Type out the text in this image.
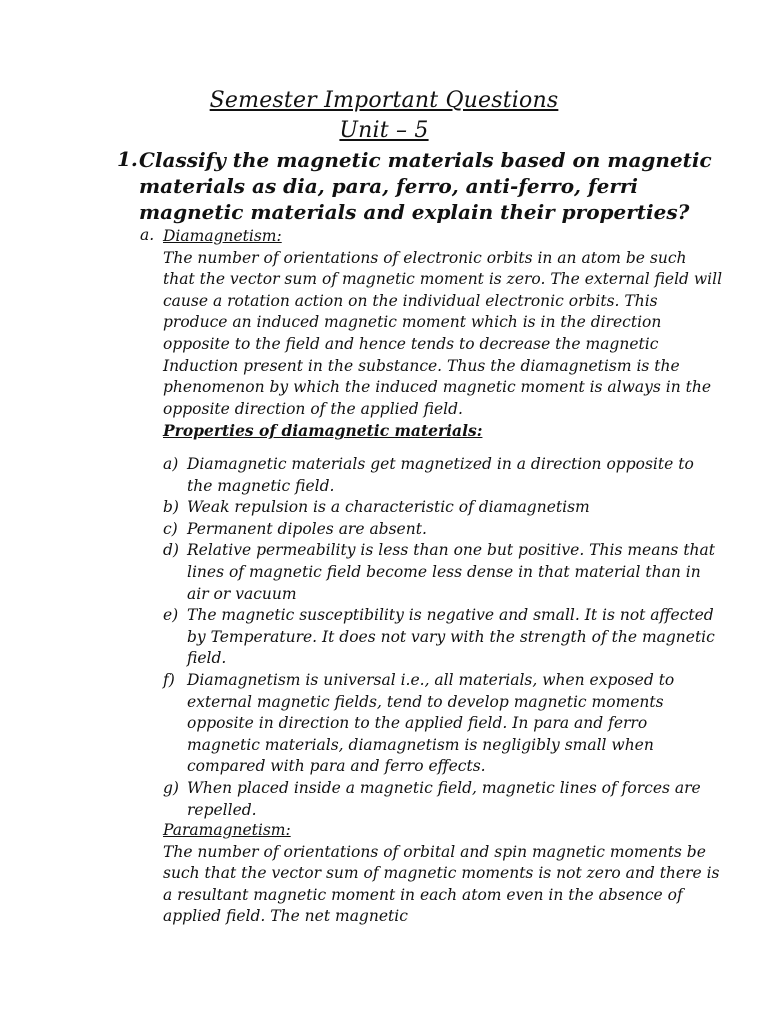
Semester Important Questions
Unit – 5
1. Classify the magnetic materials based on magnetic materials as dia, para, ferro, anti-ferro, ferri magnetic materials and explain their properties?
a. Diamagnetism:
The number of orientations of electronic orbits in an atom be such that the vector sum of magnetic moment is zero. The external field will cause a rotation action on the individual electronic orbits. This produce an induced magnetic moment which is in the direction opposite to the field and hence tends to decrease the magnetic Induction present in the substance. Thus the diamagnetism is the phenomenon by which the induced magnetic moment is always in the opposite direction of the applied field.
Properties of diamagnetic materials:
a) Diamagnetic materials get magnetized in a direction opposite to the magnetic field.
b) Weak repulsion is a characteristic of diamagnetism
c) Permanent dipoles are absent.
d) Relative permeability is less than one but positive. This means that lines of magnetic field become less dense in that material than in air or vacuum
e) The magnetic susceptibility is negative and small. It is not affected by Temperature. It does not vary with the strength of the magnetic field.
f) Diamagnetism is universal i.e., all materials, when exposed to external magnetic fields, tend to develop magnetic moments opposite in direction to the applied field. In para and ferro magnetic materials, diamagnetism is negligibly small when compared with para and ferro effects.
g) When placed inside a magnetic field, magnetic lines of forces are repelled.
Paramagnetism:
The number of orientations of orbital and spin magnetic moments be such that the vector sum of magnetic moments is not zero and there is a resultant magnetic moment in each atom even in the absence of applied field. The net magnetic
